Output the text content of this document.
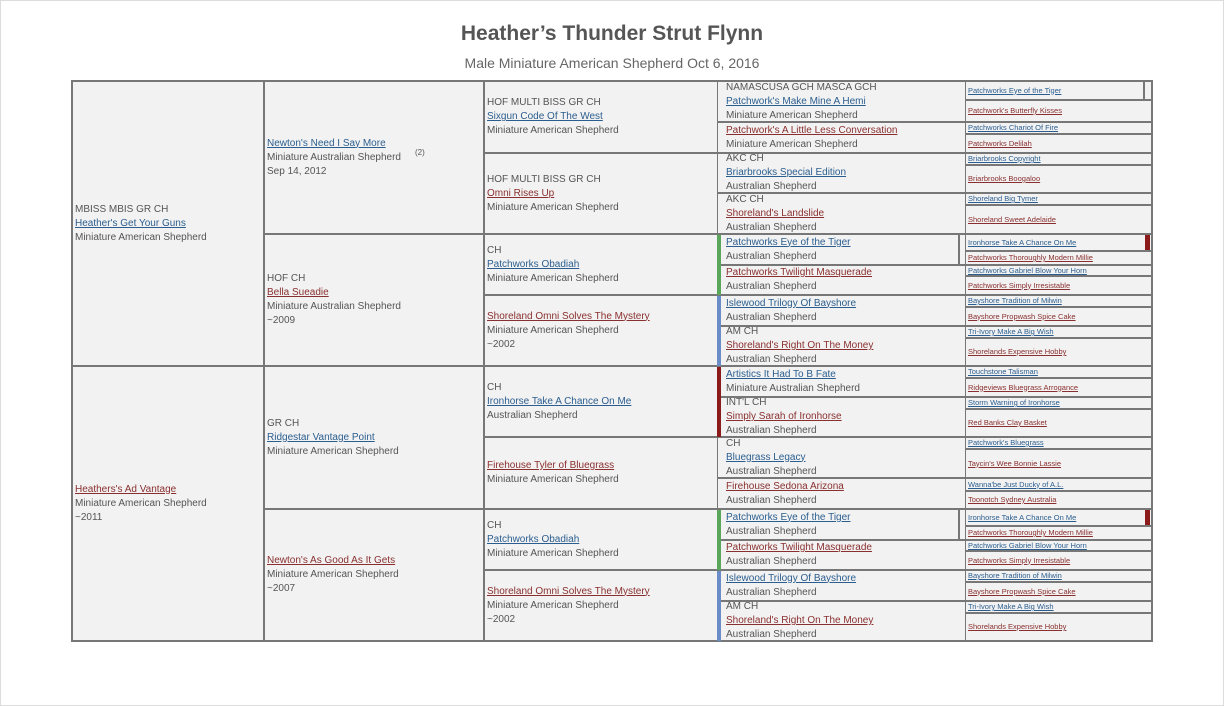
Heather’s Thunder Strut Flynn
Male Miniature American Shepherd Oct 6, 2016
MBISS MBIS GR CH
Heather's Get Your Guns
Miniature American Shepherd
Heathers's Ad Vantage
Miniature American Shepherd
~2011
Newton's Need I Say More
Miniature Australian Shepherd
Sep 14, 2012
(2)
HOF CH
Bella Sueadie
Miniature Australian Shepherd
~2009
GR CH
Ridgestar Vantage Point
Miniature American Shepherd
Newton's As Good As It Gets
Miniature American Shepherd
~2007
HOF MULTI BISS GR CH
Sixgun Code Of The West
Miniature American Shepherd
HOF MULTI BISS GR CH
Omni Rises Up
Miniature American Shepherd
CH
Patchworks Obadiah
Miniature American Shepherd
Shoreland Omni Solves The Mystery
Miniature American Shepherd
~2002
CH
Ironhorse Take A Chance On Me
Australian Shepherd
Firehouse Tyler of Bluegrass
Miniature American Shepherd
CH
Patchworks Obadiah
Miniature American Shepherd
Shoreland Omni Solves The Mystery
Miniature American Shepherd
~2002
NAMASCUSA GCH MASCA GCH
Patchwork's Make Mine A Hemi
Miniature American Shepherd
Patchwork's A Little Less Conversation
Miniature American Shepherd
AKC CH
Briarbrooks Special Edition
Australian Shepherd
AKC CH
Shoreland's Landslide
Australian Shepherd
Patchworks Eye of the Tiger
Australian Shepherd
Patchworks Twilight Masquerade
Australian Shepherd
Islewood Trilogy Of Bayshore
Australian Shepherd
AM CH
Shoreland's Right On The Money
Australian Shepherd
Artistics It Had To B Fate
Miniature Australian Shepherd
INT'L CH
Simply Sarah of Ironhorse
Australian Shepherd
CH
Bluegrass Legacy
Australian Shepherd
Firehouse Sedona Arizona
Australian Shepherd
Patchworks Eye of the Tiger
Australian Shepherd
Patchworks Twilight Masquerade
Australian Shepherd
Islewood Trilogy Of Bayshore
Australian Shepherd
AM CH
Shoreland's Right On The Money
Australian Shepherd
Patchworks Eye of the Tiger
Patchwork's Butterfly Kisses
Patchworks Chariot Of Fire
Patchworks Delilah
Briarbrooks Copyright
Briarbrooks Boogaloo
Shoreland Big Tymer
Shoreland Sweet Adelaide
Ironhorse Take A Chance On Me
Patchworks Thoroughly Modern Millie
Patchworks Gabriel Blow Your Horn
Patchworks Simply Irresistable
Bayshore Tradition of Milwin
Bayshore Propwash Spice Cake
Tri-Ivory Make A Big Wish
Shorelands Expensive Hobby
Touchstone Talisman
Ridgeviews Bluegrass Arrogance
Storm Warning of Ironhorse
Red Banks Clay Basket
Patchwork's Bluegrass
Taycin's Wee Bonnie Lassie
Wanna'be Just Ducky of A.L.
Toonotch Sydney Australia
Ironhorse Take A Chance On Me
Patchworks Thoroughly Modern Millie
Patchworks Gabriel Blow Your Horn
Patchworks Simply Irresistable
Bayshore Tradition of Milwin
Bayshore Propwash Spice Cake
Tri-Ivory Make A Big Wish
Shorelands Expensive Hobby
